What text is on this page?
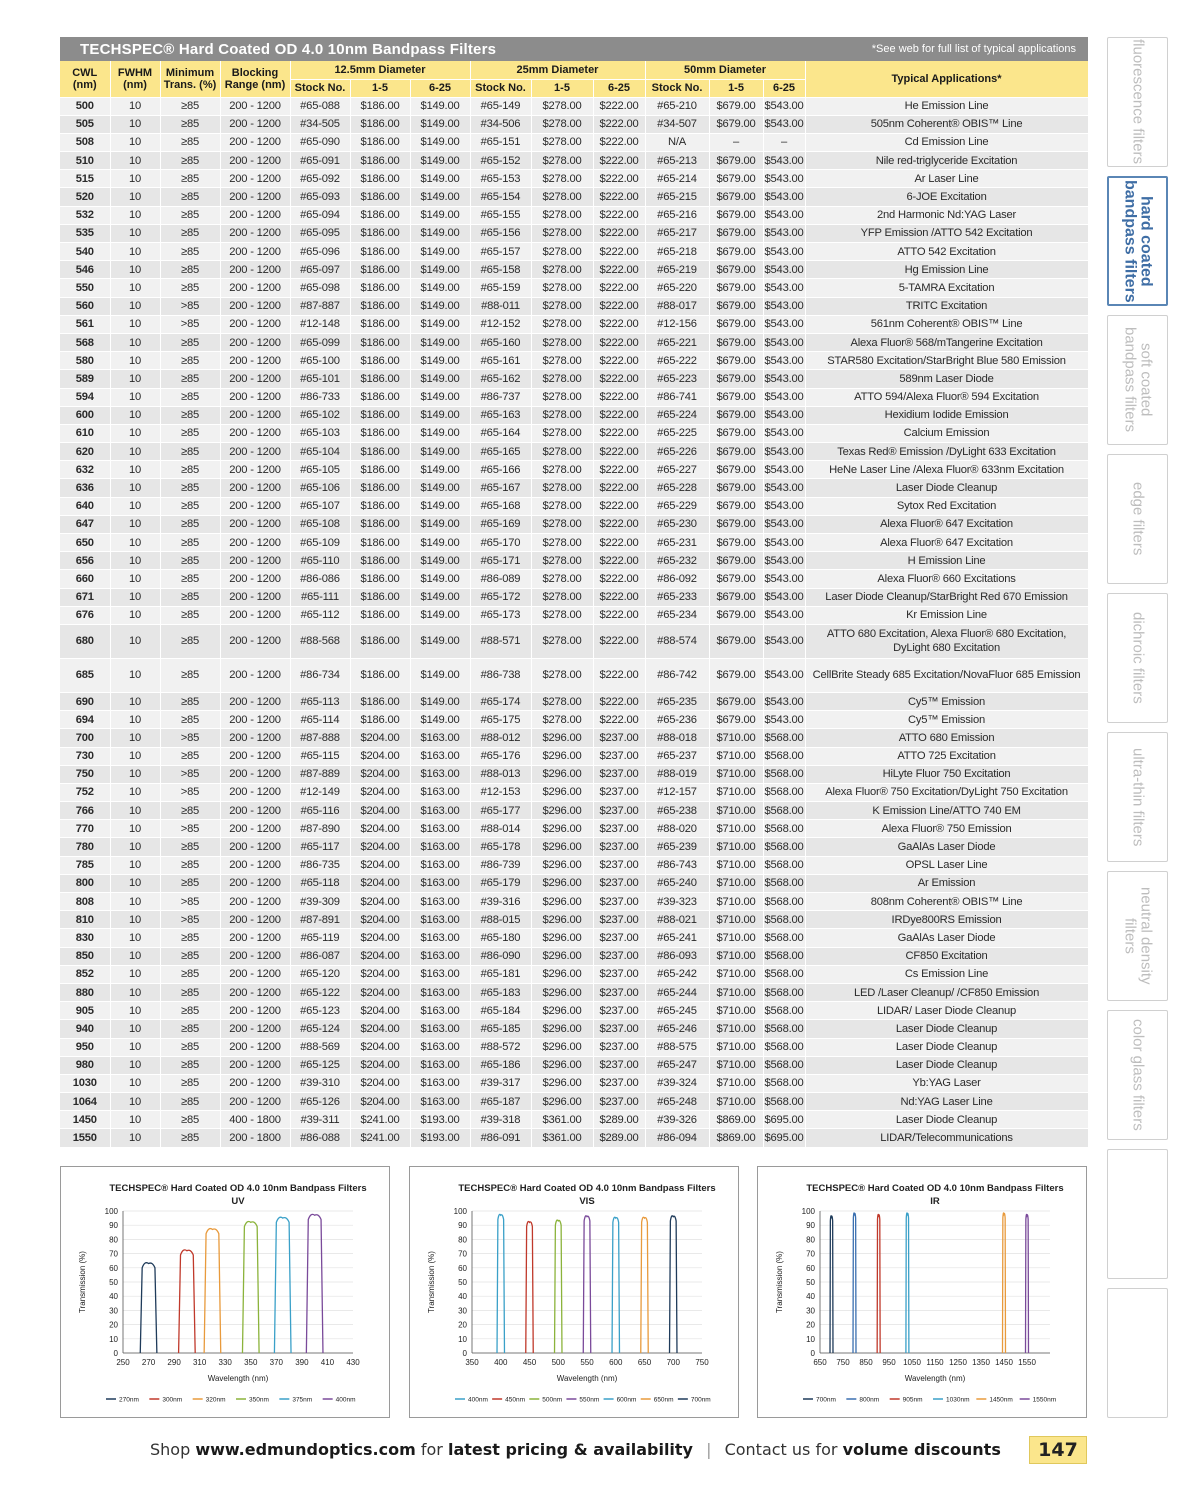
TECHSPEC® Hard Coated OD 4.0 10nm Bandpass Filters	*See web for full list of typical applications
CWL (nm)	FWHM (nm)	Minimum Trans. (%)	Blocking Range (nm)	12.5mm Diameter			25mm Diameter			50mm Diameter			Typical Applications*
				Stock No.	1-5	6-25	Stock No.	1-5	6-25	Stock No.	1-5	6-25	
500	10	≥85	200 - 1200	#65-088	$186.00	$149.00	#65-149	$278.00	$222.00	#65-210	$679.00	$543.00	He Emission Line
505	10	≥85	200 - 1200	#34-505	$186.00	$149.00	#34-506	$278.00	$222.00	#34-507	$679.00	$543.00	505nm Coherent® OBIS™ Line
508	10	≥85	200 - 1200	#65-090	$186.00	$149.00	#65-151	$278.00	$222.00	N/A	–	–	Cd Emission Line
510	10	≥85	200 - 1200	#65-091	$186.00	$149.00	#65-152	$278.00	$222.00	#65-213	$679.00	$543.00	Nile red-triglyceride Excitation
515	10	≥85	200 - 1200	#65-092	$186.00	$149.00	#65-153	$278.00	$222.00	#65-214	$679.00	$543.00	Ar Laser Line
520	10	≥85	200 - 1200	#65-093	$186.00	$149.00	#65-154	$278.00	$222.00	#65-215	$679.00	$543.00	6-JOE Excitation
532	10	≥85	200 - 1200	#65-094	$186.00	$149.00	#65-155	$278.00	$222.00	#65-216	$679.00	$543.00	2nd Harmonic Nd:YAG Laser
535	10	≥85	200 - 1200	#65-095	$186.00	$149.00	#65-156	$278.00	$222.00	#65-217	$679.00	$543.00	YFP Emission /ATTO 542 Excitation
540	10	≥85	200 - 1200	#65-096	$186.00	$149.00	#65-157	$278.00	$222.00	#65-218	$679.00	$543.00	ATTO 542 Excitation
546	10	≥85	200 - 1200	#65-097	$186.00	$149.00	#65-158	$278.00	$222.00	#65-219	$679.00	$543.00	Hg Emission Line
550	10	≥85	200 - 1200	#65-098	$186.00	$149.00	#65-159	$278.00	$222.00	#65-220	$679.00	$543.00	5-TAMRA Excitation
560	10	>85	200 - 1200	#87-887	$186.00	$149.00	#88-011	$278.00	$222.00	#88-017	$679.00	$543.00	TRITC Excitation
561	10	>85	200 - 1200	#12-148	$186.00	$149.00	#12-152	$278.00	$222.00	#12-156	$679.00	$543.00	561nm Coherent® OBIS™ Line
568	10	≥85	200 - 1200	#65-099	$186.00	$149.00	#65-160	$278.00	$222.00	#65-221	$679.00	$543.00	Alexa Fluor® 568/mTangerine Excitation
580	10	≥85	200 - 1200	#65-100	$186.00	$149.00	#65-161	$278.00	$222.00	#65-222	$679.00	$543.00	STAR580 Excitation/StarBright Blue 580 Emission
589	10	≥85	200 - 1200	#65-101	$186.00	$149.00	#65-162	$278.00	$222.00	#65-223	$679.00	$543.00	589nm Laser Diode
594	10	≥85	200 - 1200	#86-733	$186.00	$149.00	#86-737	$278.00	$222.00	#86-741	$679.00	$543.00	ATTO 594/Alexa Fluor® 594 Excitation
600	10	≥85	200 - 1200	#65-102	$186.00	$149.00	#65-163	$278.00	$222.00	#65-224	$679.00	$543.00	Hexidium Iodide Emission
610	10	≥85	200 - 1200	#65-103	$186.00	$149.00	#65-164	$278.00	$222.00	#65-225	$679.00	$543.00	Calcium Emission
620	10	≥85	200 - 1200	#65-104	$186.00	$149.00	#65-165	$278.00	$222.00	#65-226	$679.00	$543.00	Texas Red® Emission /DyLight 633 Excitation
632	10	≥85	200 - 1200	#65-105	$186.00	$149.00	#65-166	$278.00	$222.00	#65-227	$679.00	$543.00	HeNe Laser Line /Alexa Fluor® 633nm Excitation
636	10	≥85	200 - 1200	#65-106	$186.00	$149.00	#65-167	$278.00	$222.00	#65-228	$679.00	$543.00	Laser Diode Cleanup
640	10	≥85	200 - 1200	#65-107	$186.00	$149.00	#65-168	$278.00	$222.00	#65-229	$679.00	$543.00	Sytox Red Excitation
647	10	≥85	200 - 1200	#65-108	$186.00	$149.00	#65-169	$278.00	$222.00	#65-230	$679.00	$543.00	Alexa Fluor® 647 Excitation
650	10	≥85	200 - 1200	#65-109	$186.00	$149.00	#65-170	$278.00	$222.00	#65-231	$679.00	$543.00	Alexa Fluor® 647 Excitation
656	10	≥85	200 - 1200	#65-110	$186.00	$149.00	#65-171	$278.00	$222.00	#65-232	$679.00	$543.00	H Emission Line
660	10	≥85	200 - 1200	#86-086	$186.00	$149.00	#86-089	$278.00	$222.00	#86-092	$679.00	$543.00	Alexa Fluor® 660 Excitations
671	10	≥85	200 - 1200	#65-111	$186.00	$149.00	#65-172	$278.00	$222.00	#65-233	$679.00	$543.00	Laser Diode Cleanup/StarBright Red 670 Emission
676	10	≥85	200 - 1200	#65-112	$186.00	$149.00	#65-173	$278.00	$222.00	#65-234	$679.00	$543.00	Kr Emission Line
680	10	≥85	200 - 1200	#88-568	$186.00	$149.00	#88-571	$278.00	$222.00	#88-574	$679.00	$543.00	ATTO 680 Excitation, Alexa Fluor® 680 Excitation, DyLight 680 Excitation
685	10	≥85	200 - 1200	#86-734	$186.00	$149.00	#86-738	$278.00	$222.00	#86-742	$679.00	$543.00	CellBrite Steady 685 Excitation/NovaFluor 685 Emission
690	10	≥85	200 - 1200	#65-113	$186.00	$149.00	#65-174	$278.00	$222.00	#65-235	$679.00	$543.00	Cy5™ Emission
694	10	≥85	200 - 1200	#65-114	$186.00	$149.00	#65-175	$278.00	$222.00	#65-236	$679.00	$543.00	Cy5™ Emission
700	10	>85	200 - 1200	#87-888	$204.00	$163.00	#88-012	$296.00	$237.00	#88-018	$710.00	$568.00	ATTO 680 Emission
730	10	≥85	200 - 1200	#65-115	$204.00	$163.00	#65-176	$296.00	$237.00	#65-237	$710.00	$568.00	ATTO 725 Excitation
750	10	>85	200 - 1200	#87-889	$204.00	$163.00	#88-013	$296.00	$237.00	#88-019	$710.00	$568.00	HiLyte Fluor 750 Excitation
752	10	>85	200 - 1200	#12-149	$204.00	$163.00	#12-153	$296.00	$237.00	#12-157	$710.00	$568.00	Alexa Fluor® 750 Excitation/DyLight 750 Excitation
766	10	≥85	200 - 1200	#65-116	$204.00	$163.00	#65-177	$296.00	$237.00	#65-238	$710.00	$568.00	K Emission Line/ATTO 740 EM
770	10	>85	200 - 1200	#87-890	$204.00	$163.00	#88-014	$296.00	$237.00	#88-020	$710.00	$568.00	Alexa Fluor® 750 Emission
780	10	≥85	200 - 1200	#65-117	$204.00	$163.00	#65-178	$296.00	$237.00	#65-239	$710.00	$568.00	GaAlAs Laser Diode
785	10	≥85	200 - 1200	#86-735	$204.00	$163.00	#86-739	$296.00	$237.00	#86-743	$710.00	$568.00	OPSL Laser Line
800	10	≥85	200 - 1200	#65-118	$204.00	$163.00	#65-179	$296.00	$237.00	#65-240	$710.00	$568.00	Ar Emission
808	10	>85	200 - 1200	#39-309	$204.00	$163.00	#39-316	$296.00	$237.00	#39-323	$710.00	$568.00	808nm Coherent® OBIS™ Line
810	10	>85	200 - 1200	#87-891	$204.00	$163.00	#88-015	$296.00	$237.00	#88-021	$710.00	$568.00	IRDye800RS Emission
830	10	≥85	200 - 1200	#65-119	$204.00	$163.00	#65-180	$296.00	$237.00	#65-241	$710.00	$568.00	GaAlAs Laser Diode
850	10	≥85	200 - 1200	#86-087	$204.00	$163.00	#86-090	$296.00	$237.00	#86-093	$710.00	$568.00	CF850 Excitation
852	10	≥85	200 - 1200	#65-120	$204.00	$163.00	#65-181	$296.00	$237.00	#65-242	$710.00	$568.00	Cs Emission Line
880	10	≥85	200 - 1200	#65-122	$204.00	$163.00	#65-183	$296.00	$237.00	#65-244	$710.00	$568.00	LED /Laser Cleanup/ /CF850 Emission
905	10	≥85	200 - 1200	#65-123	$204.00	$163.00	#65-184	$296.00	$237.00	#65-245	$710.00	$568.00	LIDAR/ Laser Diode Cleanup
940	10	≥85	200 - 1200	#65-124	$204.00	$163.00	#65-185	$296.00	$237.00	#65-246	$710.00	$568.00	Laser Diode Cleanup
950	10	≥85	200 - 1200	#88-569	$204.00	$163.00	#88-572	$296.00	$237.00	#88-575	$710.00	$568.00	Laser Diode Cleanup
980	10	≥85	200 - 1200	#65-125	$204.00	$163.00	#65-186	$296.00	$237.00	#65-247	$710.00	$568.00	Laser Diode Cleanup
1030	10	≥85	200 - 1200	#39-310	$204.00	$163.00	#39-317	$296.00	$237.00	#39-324	$710.00	$568.00	Yb:YAG Laser
1064	10	≥85	200 - 1200	#65-126	$204.00	$163.00	#65-187	$296.00	$237.00	#65-248	$710.00	$568.00	Nd:YAG Laser Line
1450	10	≥85	400 - 1800	#39-311	$241.00	$193.00	#39-318	$361.00	$289.00	#39-326	$869.00	$695.00	Laser Diode Cleanup
1550	10	≥85	200 - 1800	#86-088	$241.00	$193.00	#86-091	$361.00	$289.00	#86-094	$869.00	$695.00	LIDAR/Telecommunications
fluorescence filters
hard coated bandpass filters
soft coated bandpass filters
edge filters
dichroic filters
ultra-thin filters
neutral density filters
color glass filters
TECHSPEC® Hard Coated OD 4.0 10nm Bandpass Filters
UV
0
10
20
30
40
50
60
70
80
90
100
250 270 290 310 330 350 370 390 410 430
Transmission (%)
Wavelength (nm)
270nm	300nm	320nm	350nm	375nm	400nm
TECHSPEC® Hard Coated OD 4.0 10nm Bandpass Filters
VIS
0
10
20
30
40
50
60
70
80
90
100
350 400 450 500 550 600 650 700 750
Transmission (%)
Wavelength (nm)
400nm	450nm	500nm	550nm	600nm	650nm	700nm
TECHSPEC® Hard Coated OD 4.0 10nm Bandpass Filters
IR
0
10
20
30
40
50
60
70
80
90
100
650 750 850 950 1050 1150 1250 1350 1450 1550
Transmission (%)
Wavelength (nm)
700nm	800nm	905nm	1030nm	1450nm	1550nm
Shop www.edmundoptics.com for latest pricing & availability | Contact us for volume discounts	147
